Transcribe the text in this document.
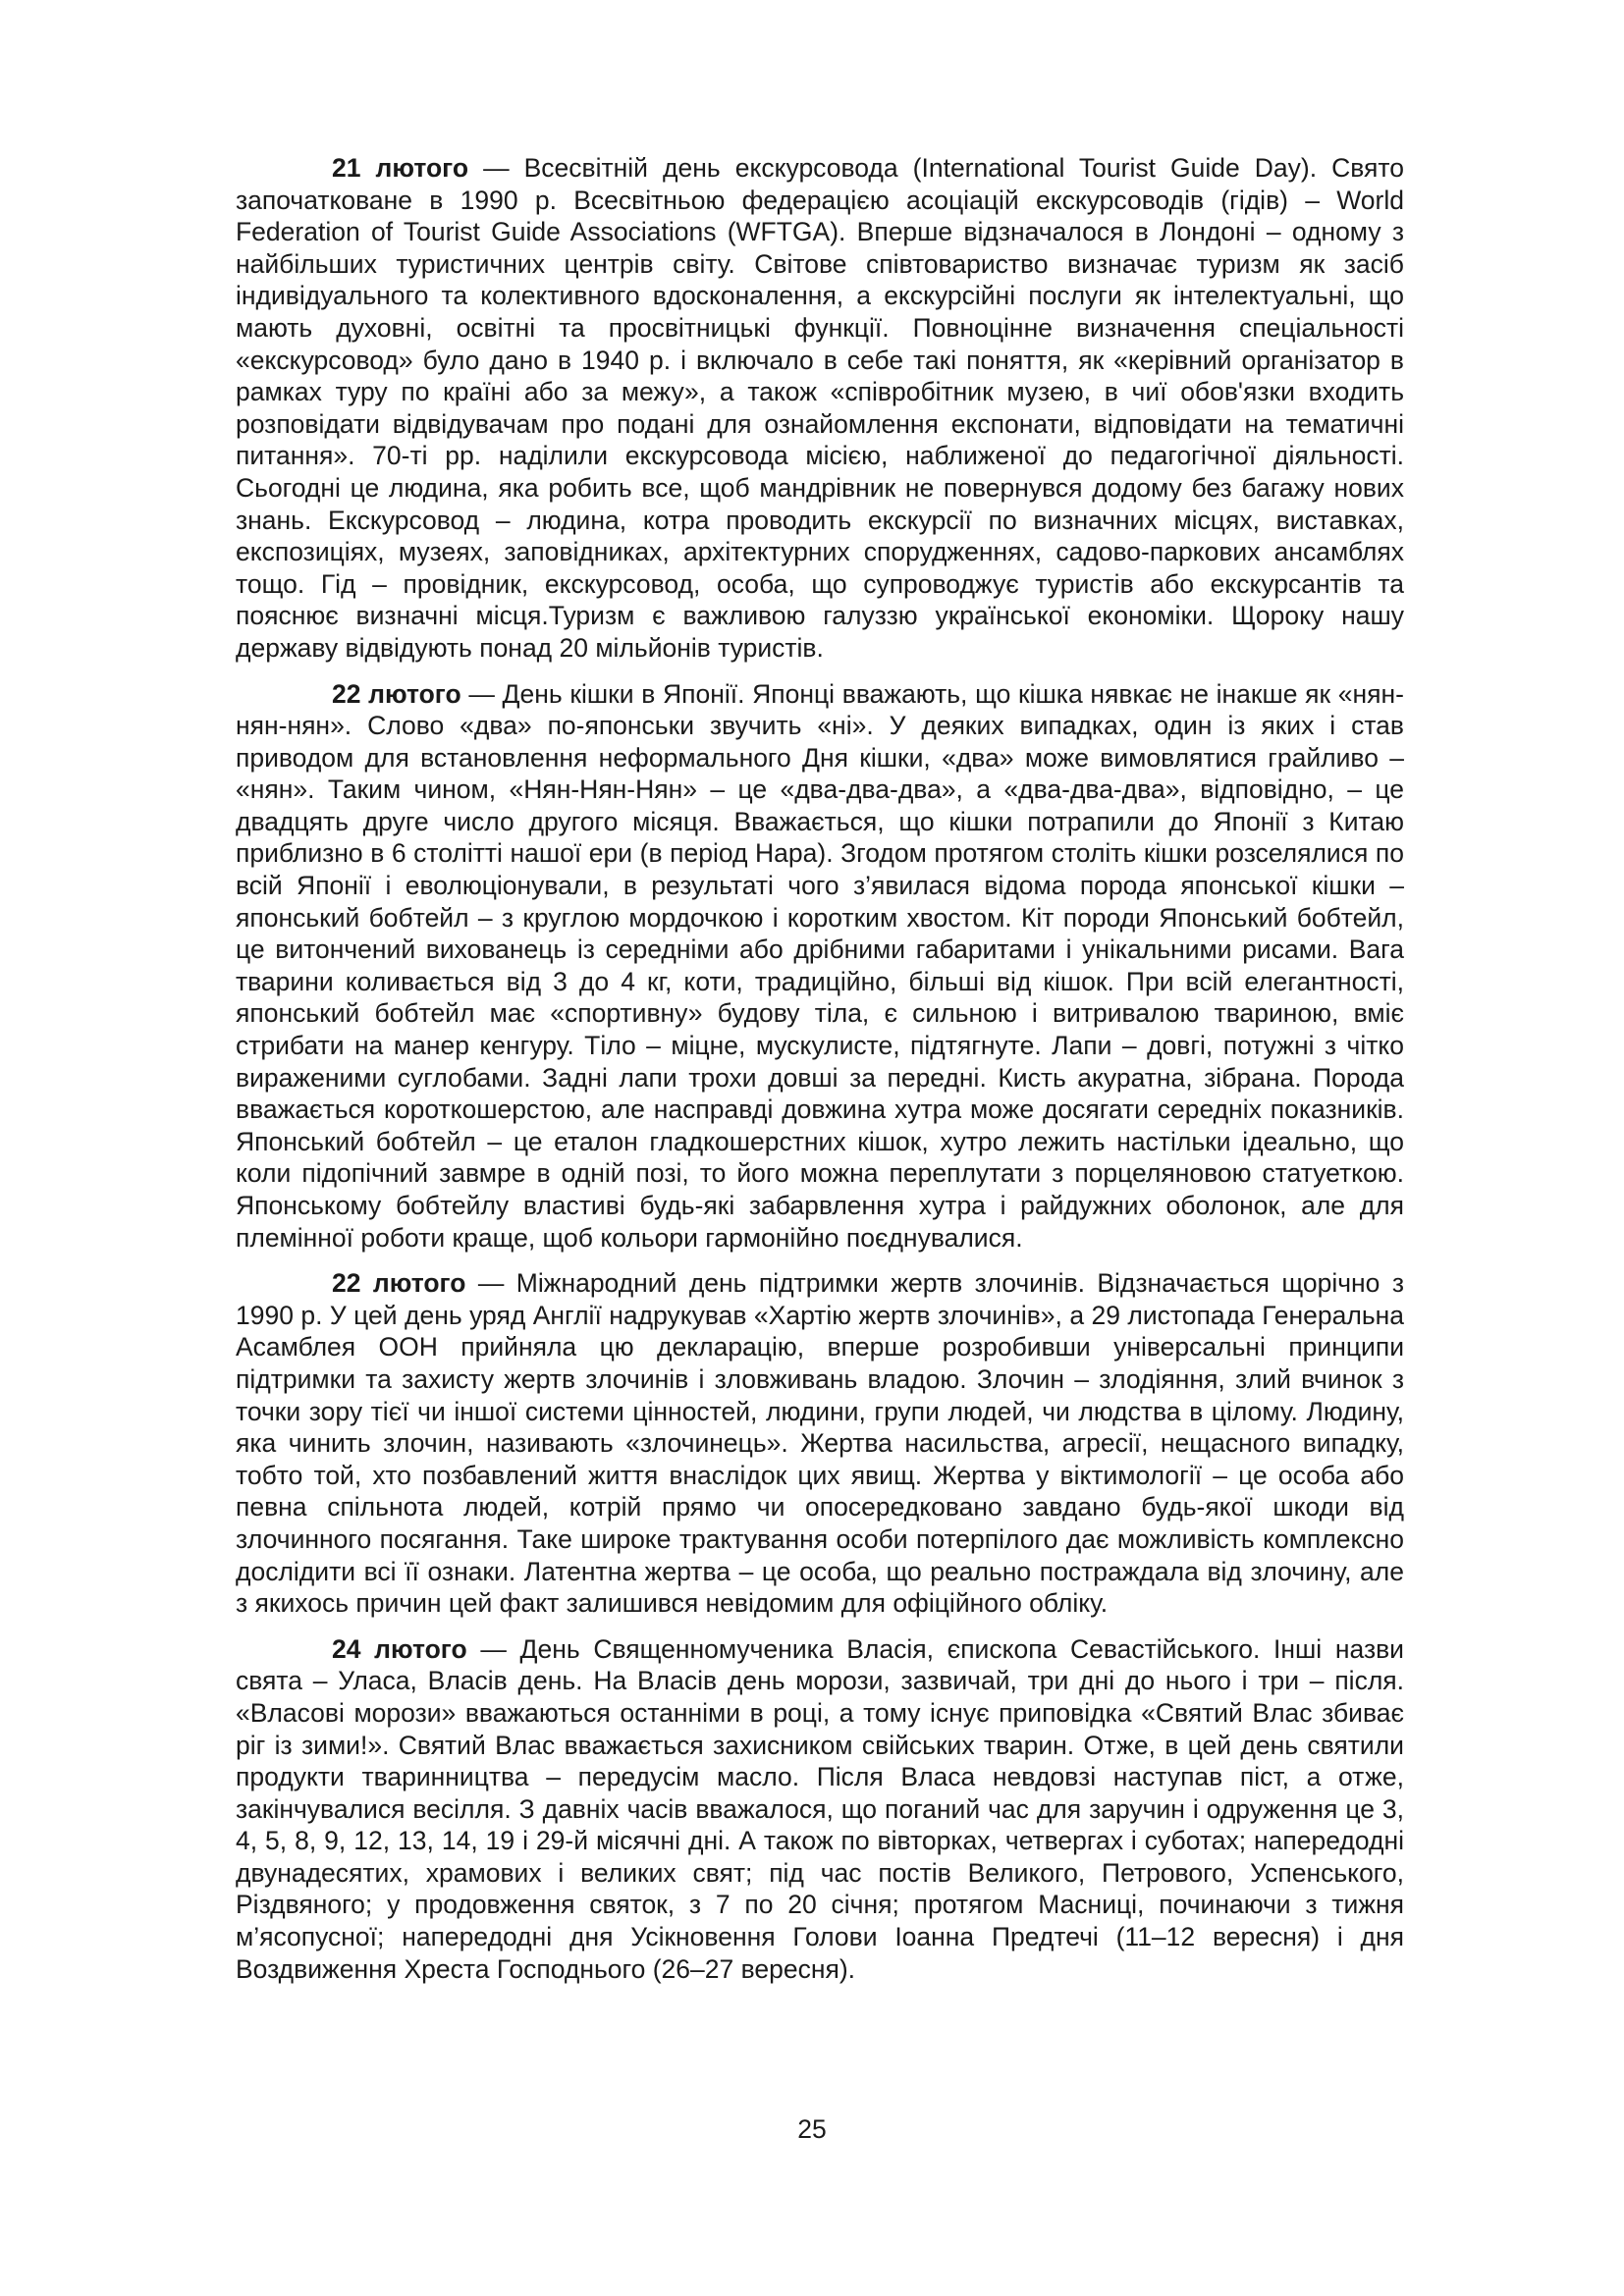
21 лютого — Всесвітній день екскурсовода (International Tourist Guide Day). Свято започатковане в 1990 р. Всесвітньою федерацією асоціацій екскурсоводів (гідів) – World Federation of Tourist Guide Associations (WFTGA). Вперше відзначалося в Лондоні – одному з найбільших туристичних центрів світу. Світове співтовариство визначає туризм як засіб індивідуального та колективного вдосконалення, а екскурсійні послуги як інтелектуальні, що мають духовні, освітні та просвітницькі функції. Повноцінне визначення спеціальності «екскурсовод» було дано в 1940 р. і включало в себе такі поняття, як «керівний організатор в рамках туру по країні або за межу», а також «співробітник музею, в чиї обов'язки входить розповідати відвідувачам про подані для ознайомлення експонати, відповідати на тематичні питання». 70-ті рр. наділили екскурсовода місією, наближеної до педагогічної діяльності. Сьогодні це людина, яка робить все, щоб мандрівник не повернувся додому без багажу нових знань. Екскурсовод – людина, котра проводить екскурсії по визначних місцях, виставках, експозиціях, музеях, заповідниках, архітектурних спорудженнях, садово-паркових ансамблях тощо. Гід – провідник, екскурсовод, особа, що супроводжує туристів або екскурсантів та пояснює визначні місця.Туризм є важливою галуззю української економіки. Щороку нашу державу відвідують понад 20 мільйонів туристів.

22 лютого — День кішки в Японії. Японці вважають, що кішка нявкає не інакше як «нян-нян-нян». Слово «два» по-японськи звучить «ні». У деяких випадках, один із яких і став приводом для встановлення неформального Дня кішки, «два» може вимовлятися грайливо – «нян». Таким чином, «Нян-Нян-Нян» – це «два-два-два», а «два-два-два», відповідно, – це двадцять друге число другого місяця. Вважається, що кішки потрапили до Японії з Китаю приблизно в 6 столітті нашої ери (в період Нара). Згодом протягом століть кішки розселялися по всій Японії і еволюціонували, в результаті чого з’явилася відома порода японської кішки – японський бобтейл – з круглою мордочкою і коротким хвостом. Кіт породи Японський бобтейл, це витончений вихованець із середніми або дрібними габаритами і унікальними рисами. Вага тварини коливається від 3 до 4 кг, коти, традиційно, більші від кішок. При всій елегантності, японський бобтейл має «спортивну» будову тіла, є сильною і витривалою твариною, вміє стрибати на манер кенгуру. Тіло – міцне, мускулисте, підтягнуте. Лапи – довгі, потужні з чітко вираженими суглобами. Задні лапи трохи довші за передні. Кисть акуратна, зібрана. Порода вважається короткошерстою, але насправді довжина хутра може досягати середніх показників. Японський бобтейл – це еталон гладкошерстних кішок, хутро лежить настільки ідеально, що коли підопічний завмре в одній позі, то його можна переплутати з порцеляновою статуеткою. Японському бобтейлу властиві будь-які забарвлення хутра і райдужних оболонок, але для племінної роботи краще, щоб кольори гармонійно поєднувалися.

22 лютого — Міжнародний день підтримки жертв злочинів. Відзначається щорічно з 1990 р. У цей день уряд Англії надрукував «Хартію жертв злочинів», а 29 листопада Генеральна Асамблея ООН прийняла цю декларацію, вперше розробивши універсальні принципи підтримки та захисту жертв злочинів і зловживань владою. Злочин – злодіяння, злий вчинок з точки зору тієї чи іншої системи цінностей, людини, групи людей, чи людства в цілому. Людину, яка чинить злочин, називають «злочинець». Жертва насильства, агресії, нещасного випадку, тобто той, хто позбавлений життя внаслідок цих явищ. Жертва у віктимології – це особа або певна спільнота людей, котрій прямо чи опосередковано завдано будь-якої шкоди від злочинного посягання. Таке широке трактування особи потерпілого дає можливість комплексно дослідити всі її ознаки. Латентна жертва – це особа, що реально постраждала від злочину, але з якихось причин цей факт залишився невідомим для офіційного обліку.

24 лютого — День Священномученика Власія, єпископа Севастійського. Інші назви свята – Улаcа, Власів день. На Власів день морози, зазвичай, три дні до нього і три – після. «Власові морози» вважаються останніми в році, а тому існує приповідка «Святий Влас збиває ріг із зими!». Святий Влас вважається захисником свійських тварин. Отже, в цей день святили продукти тваринництва – передусім масло. Після Власа невдовзі наступав піст, а отже, закінчувалися весілля. З давніх часів вважалося, що поганий час для заручин і одруження це 3, 4, 5, 8, 9, 12, 13, 14, 19 і 29-й місячні дні. А також по вівторках, четвергах і суботах; напередодні двунадесятих, храмових і великих свят; під час постів Великого, Петрового, Успенського, Різдвяного; у продовження святок, з 7 по 20 січня; протягом Масниці, починаючи з тижня м’ясопусної; напередодні дня Усікновення Голови Іоанна Предтечі (11–12 вересня) і дня Воздвиження Хреста Господнього (26–27 вересня).

25
